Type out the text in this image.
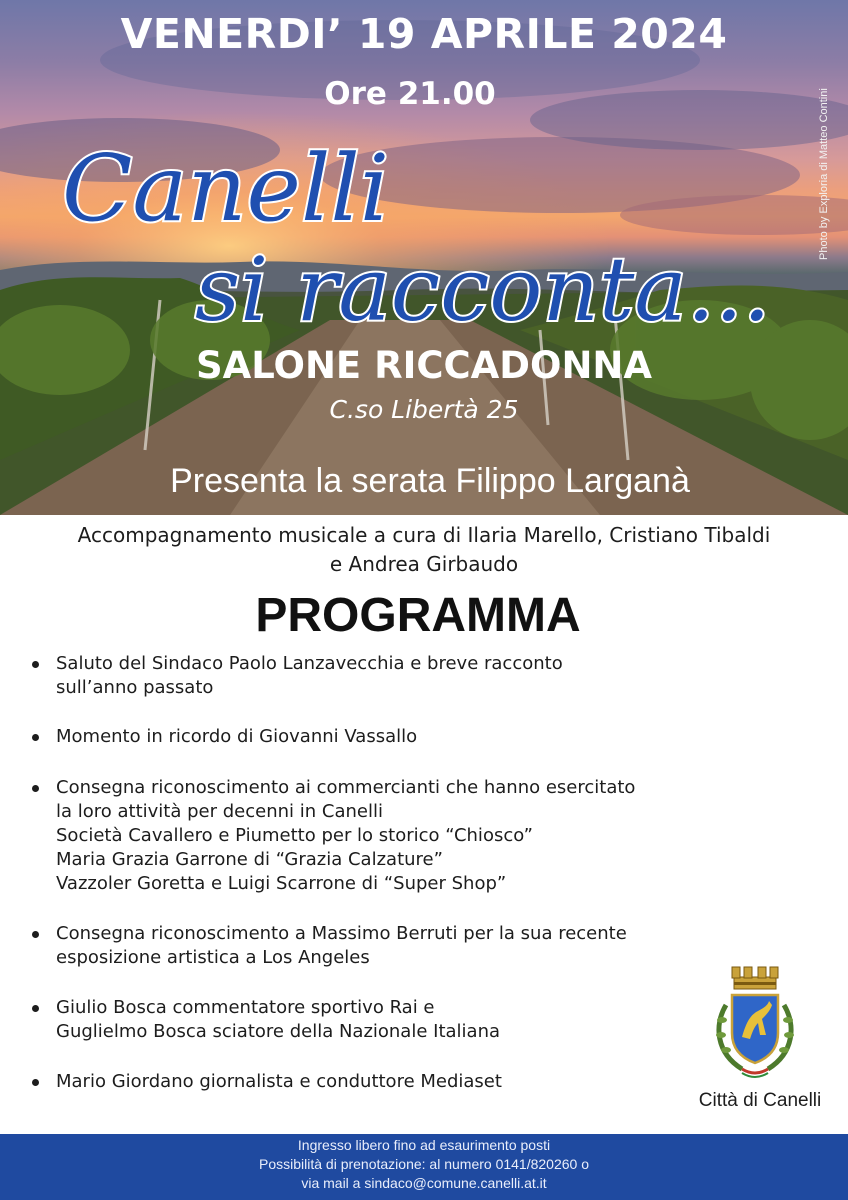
VENERDI’ 19 APRILE 2024
Ore 21.00	Photo by Exploria di Matteo Contini
Canelli
si racconta...
SALONE RICCADONNA
C.so Libertà 25
Presenta la serata Filippo Larganà
Accompagnamento musicale a cura di Ilaria Marello, Cristiano Tibaldi
e Andrea Girbaudo
PROGRAMMA
Saluto del Sindaco Paolo Lanzavecchia e breve racconto
sull’anno passato
Momento in ricordo di Giovanni Vassallo
Consegna riconoscimento ai commercianti che hanno esercitato
la loro attività per decenni in Canelli
Società Cavallero e Piumetto per lo storico “Chiosco”
Maria Grazia Garrone di “Grazia Calzature”
Vazzoler Goretta e Luigi Scarrone di “Super Shop”
Consegna riconoscimento a Massimo Berruti per la sua recente
esposizione artistica a Los Angeles
Giulio Bosca commentatore sportivo Rai e
Guglielmo Bosca sciatore della Nazionale Italiana
Mario Giordano giornalista e conduttore Mediaset
Città di Canelli
Ingresso libero fino ad esaurimento posti
Possibilità di prenotazione: al numero 0141/820260 o
via mail a sindaco@comune.canelli.at.it
